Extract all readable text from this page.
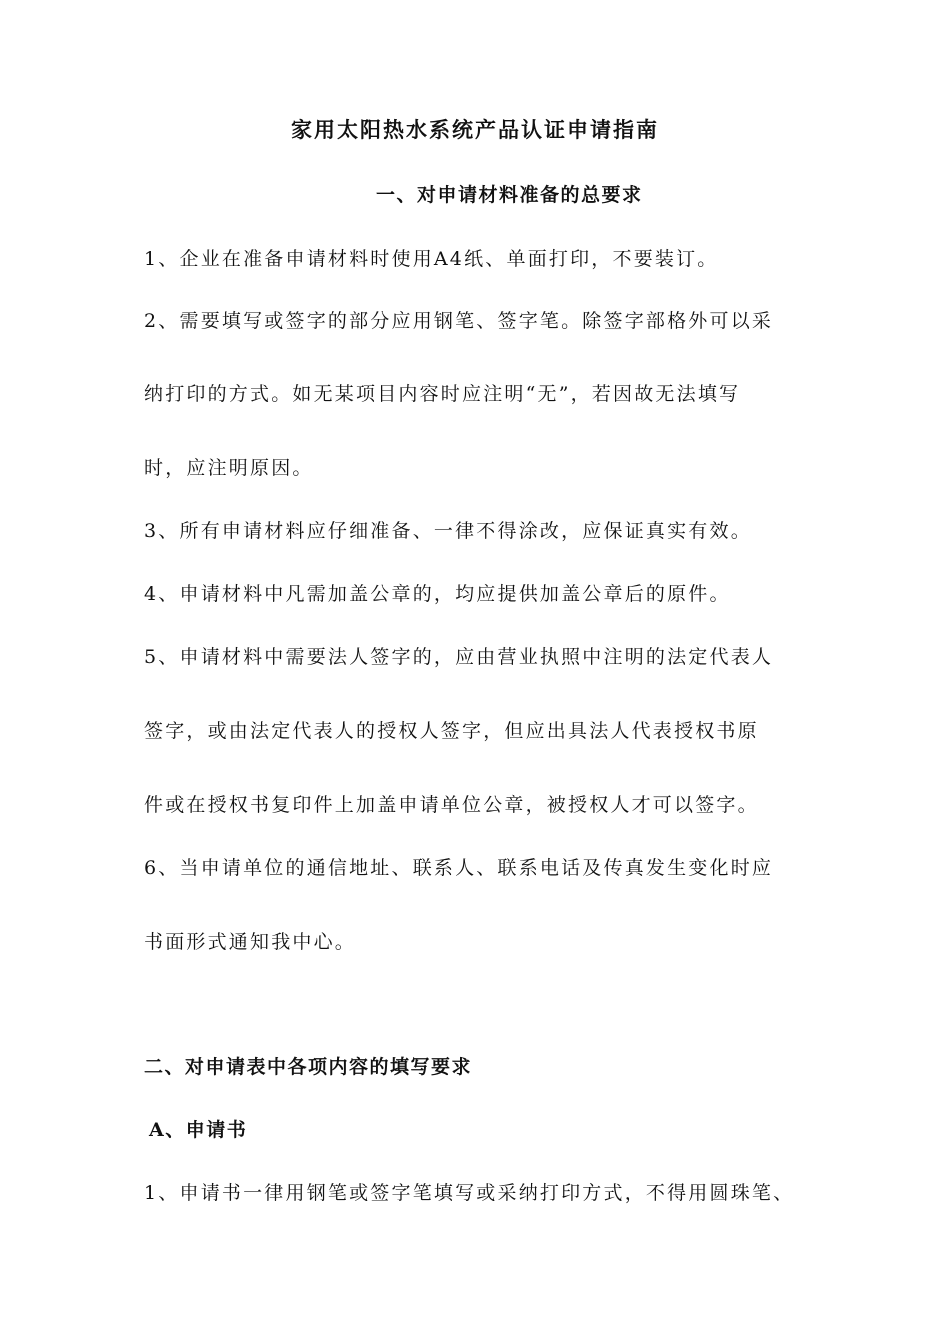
家用太阳热水系统产品认证申请指南
一、对申请材料准备的总要求
1、企业在准备申请材料时使用A4纸、单面打印，不要装订。
2、需要填写或签字的部分应用钢笔、签字笔。除签字部格外可以采
纳打印的方式。如无某项目内容时应注明“无”，若因故无法填写
时，应注明原因。
3、所有申请材料应仔细准备、一律不得涂改，应保证真实有效。
4、申请材料中凡需加盖公章的，均应提供加盖公章后的原件。
5、申请材料中需要法人签字的，应由营业执照中注明的法定代表人
签字，或由法定代表人的授权人签字，但应出具法人代表授权书原
件或在授权书复印件上加盖申请单位公章，被授权人才可以签字。
6、当申请单位的通信地址、联系人、联系电话及传真发生变化时应
书面形式通知我中心。
二、对申请表中各项内容的填写要求
A、申请书
1、申请书一律用钢笔或签字笔填写或采纳打印方式，不得用圆珠笔、
